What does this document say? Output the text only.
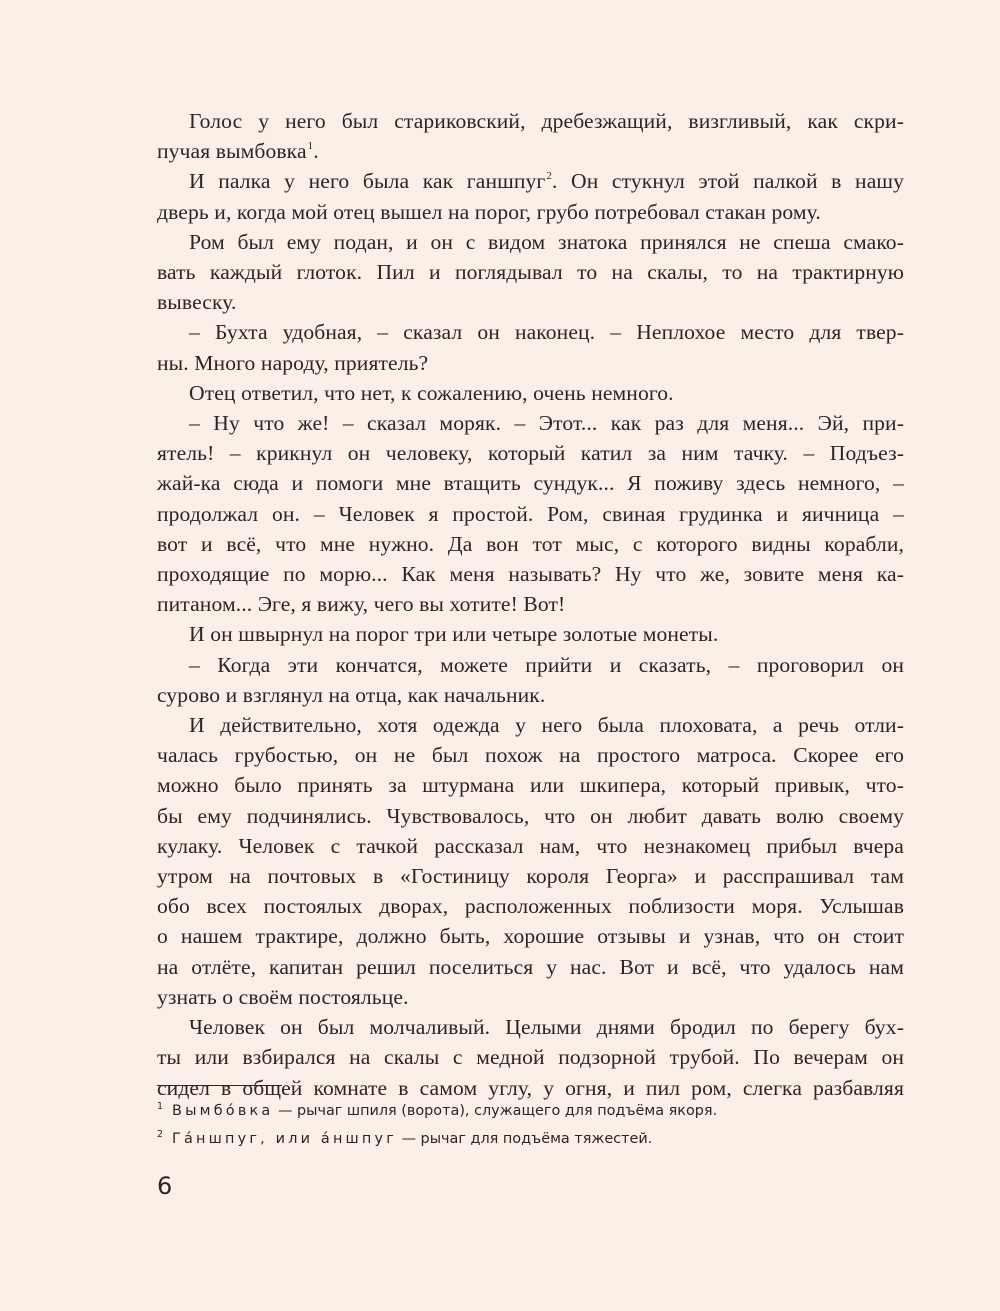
Голос у него был стариковский, дребезжащий, визгливый, как скри-
пучая вымбовка$^1$.
И палка у него была как ганшпуг$^2$. Он стукнул этой палкой в нашу
дверь и, когда мой отец вышел на порог, грубо потребовал стакан рому.
Ром был ему подан, и он с видом знатока принялся не спеша смако-
вать каждый глоток. Пил и поглядывал то на скалы, то на трактирную
вывеску.
– Бухта удобная, – сказал он наконец. – Неплохое место для твер-
ны. Много народу, приятель?
Отец ответил, что нет, к сожалению, очень немного.
– Ну что же! – сказал моряк. – Этот... как раз для меня... Эй, при-
ятель! – крикнул он человеку, который катил за ним тачку. – Подъез-
жай-ка сюда и помоги мне втащить сундук... Я поживу здесь немного, –
продолжал он. – Человек я простой. Ром, свиная грудинка и яичница –
вот и всё, что мне нужно. Да вон тот мыс, с которого видны корабли,
проходящие по морю... Как меня называть? Ну что же, зовите меня ка-
питаном... Эге, я вижу, чего вы хотите! Вот!
И он швырнул на порог три или четыре золотые монеты.
– Когда эти кончатся, можете прийти и сказать, – проговорил он
сурово и взглянул на отца, как начальник.
И действительно, хотя одежда у него была плоховата, а речь отли-
чалась грубостью, он не был похож на простого матроса. Скорее его
можно было принять за штурмана или шкипера, который привык, что-
бы ему подчинялись. Чувствовалось, что он любит давать волю своему
кулаку. Человек с тачкой рассказал нам, что незнакомец прибыл вчера
утром на почтовых в «Гостиницу короля Георга» и расспрашивал там
обо всех постоялых дворах, расположенных поблизости моря. Услышав
о нашем трактире, должно быть, хорошие отзывы и узнав, что он стоит
на отлёте, капитан решил поселиться у нас. Вот и всё, что удалось нам
узнать о своём постояльце.
Человек он был молчаливый. Целыми днями бродил по берегу бух-
ты или взбирался на скалы с медной подзорной трубой. По вечерам он
сидел в общей комнате в самом углу, у огня, и пил ром, слегка разбавляя
$^1$ Вымбóвка — рычаг шпиля (ворота), служащего для подъёма якоря.
$^2$ Гáншпуг, или áншпуг — рычаг для подъёма тяжестей.
6
